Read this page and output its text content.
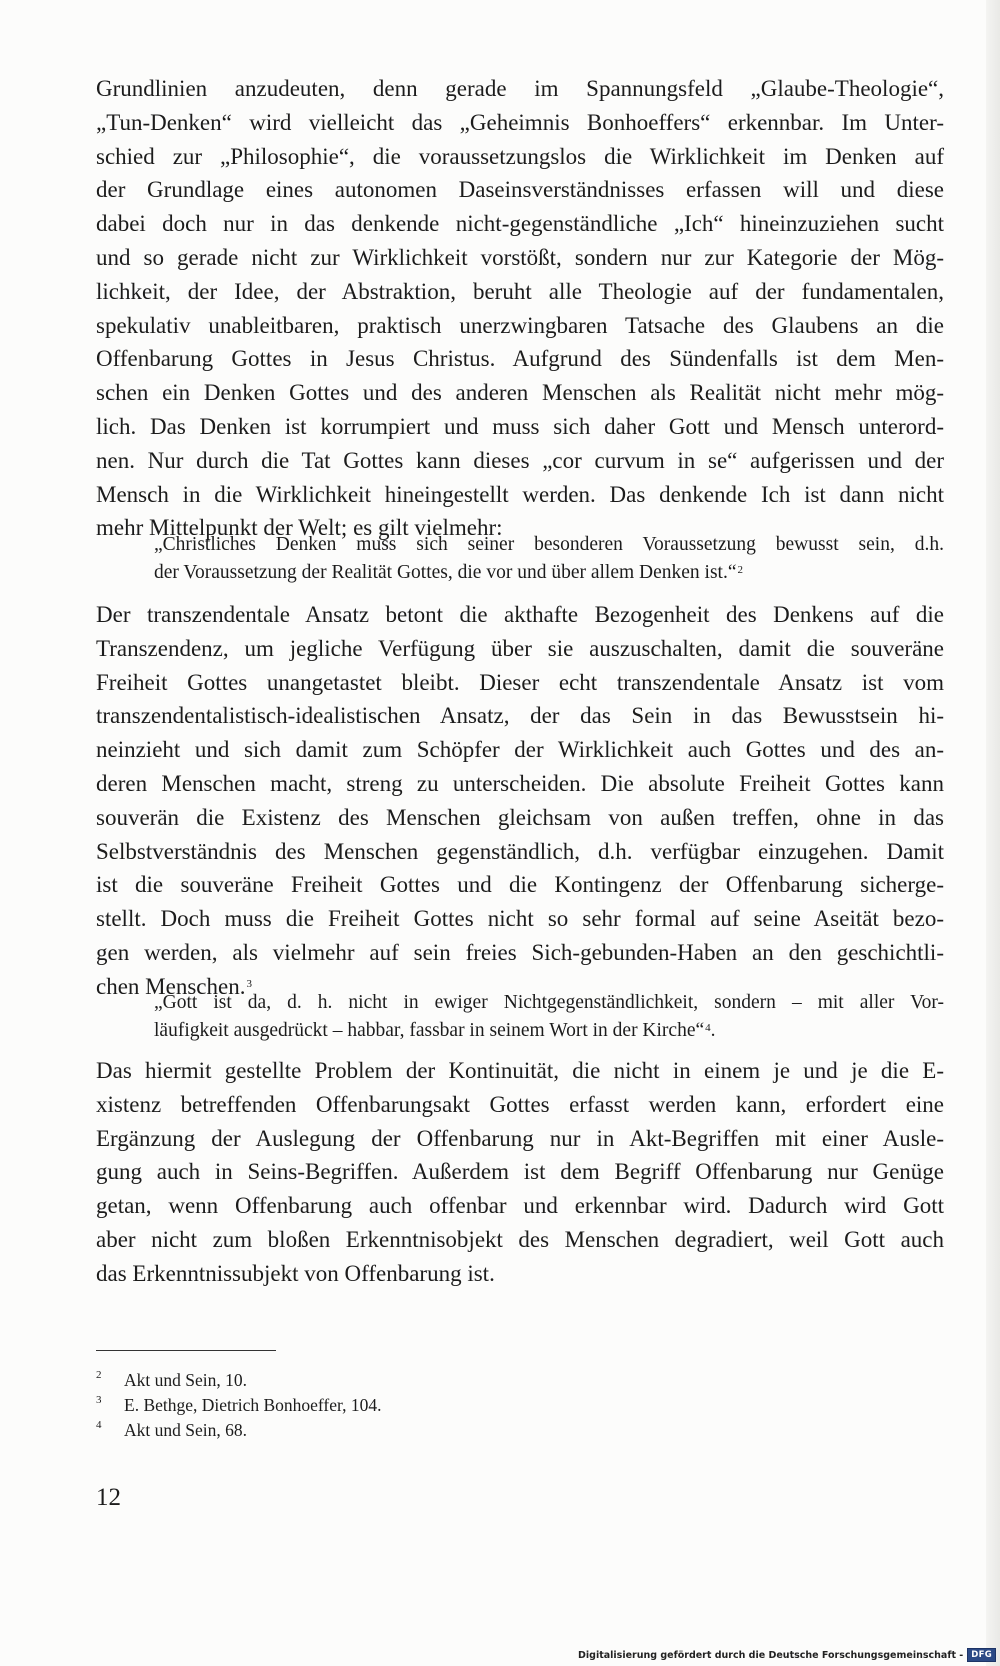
Grundlinien anzudeuten, denn gerade im Spannungsfeld „Glaube-Theologie“,
„Tun-Denken“ wird vielleicht das „Geheimnis Bonhoeffers“ erkennbar. Im Unter-
schied zur „Philosophie“, die voraussetzungslos die Wirklichkeit im Denken auf
der Grundlage eines autonomen Daseinsverständnisses erfassen will und diese
dabei doch nur in das denkende nicht-gegenständliche „Ich“ hineinzuziehen sucht
und so gerade nicht zur Wirklichkeit vorstößt, sondern nur zur Kategorie der Mög-
lichkeit, der Idee, der Abstraktion, beruht alle Theologie auf der fundamentalen,
spekulativ unableitbaren, praktisch unerzwingbaren Tatsache des Glaubens an die
Offenbarung Gottes in Jesus Christus. Aufgrund des Sündenfalls ist dem Men-
schen ein Denken Gottes und des anderen Menschen als Realität nicht mehr mög-
lich. Das Denken ist korrumpiert und muss sich daher Gott und Mensch unterord-
nen. Nur durch die Tat Gottes kann dieses „cor curvum in se“ aufgerissen und der
Mensch in die Wirklichkeit hineingestellt werden. Das denkende Ich ist dann nicht
mehr Mittelpunkt der Welt; es gilt vielmehr:
„Christliches Denken muss sich seiner besonderen Voraussetzung bewusst sein, d.h.
der Voraussetzung der Realität Gottes, die vor und über allem Denken ist.“$^2$
Der transzendentale Ansatz betont die akthafte Bezogenheit des Denkens auf die
Transzendenz, um jegliche Verfügung über sie auszuschalten, damit die souveräne
Freiheit Gottes unangetastet bleibt. Dieser echt transzendentale Ansatz ist vom
transzendentalistisch-idealistischen Ansatz, der das Sein in das Bewusstsein hi-
neinzieht und sich damit zum Schöpfer der Wirklichkeit auch Gottes und des an-
deren Menschen macht, streng zu unterscheiden. Die absolute Freiheit Gottes kann
souverän die Existenz des Menschen gleichsam von außen treffen, ohne in das
Selbstverständnis des Menschen gegenständlich, d.h. verfügbar einzugehen. Damit
ist die souveräne Freiheit Gottes und die Kontingenz der Offenbarung sicherge-
stellt. Doch muss die Freiheit Gottes nicht so sehr formal auf seine Aseität bezo-
gen werden, als vielmehr auf sein freies Sich-gebunden-Haben an den geschichtli-
chen Menschen.$^3$
„Gott ist da, d. h. nicht in ewiger Nichtgegenständlichkeit, sondern – mit aller Vor-
läufigkeit ausgedrückt – habbar, fassbar in seinem Wort in der Kirche“$^4$.
Das hiermit gestellte Problem der Kontinuität, die nicht in einem je und je die E-
xistenz betreffenden Offenbarungsakt Gottes erfasst werden kann, erfordert eine
Ergänzung der Auslegung der Offenbarung nur in Akt-Begriffen mit einer Ausle-
gung auch in Seins-Begriffen. Außerdem ist dem Begriff Offenbarung nur Genüge
getan, wenn Offenbarung auch offenbar und erkennbar wird. Dadurch wird Gott
aber nicht zum bloßen Erkenntnisobjekt des Menschen degradiert, weil Gott auch
das Erkenntnissubjekt von Offenbarung ist.
2	Akt und Sein, 10.
3	E. Bethge, Dietrich Bonhoeffer, 104.
4	Akt und Sein, 68.
12
Digitalisierung gefördert durch die Deutsche Forschungsgemeinschaft - DFG
